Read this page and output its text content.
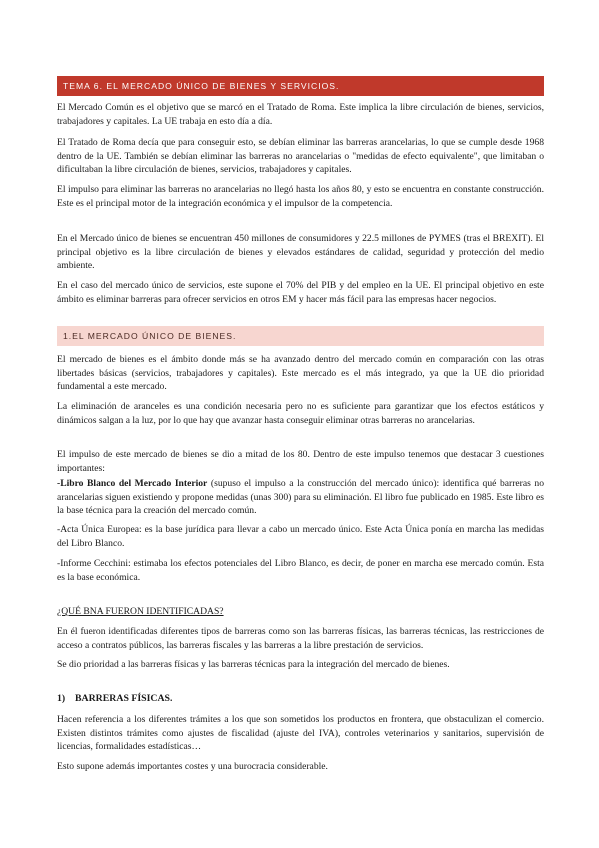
TEMA 6. EL MERCADO ÚNICO DE BIENES Y SERVICIOS.

El Mercado Común es el objetivo que se marcó en el Tratado de Roma. Este implica la libre circulación de bienes, servicios, trabajadores y capitales. La UE trabaja en esto día a día.

El Tratado de Roma decía que para conseguir esto, se debían eliminar las barreras arancelarias, lo que se cumple desde 1968 dentro de la UE. También se debían eliminar las barreras no arancelarias o "medidas de efecto equivalente", que limitaban o dificultaban la libre circulación de bienes, servicios, trabajadores y capitales.

El impulso para eliminar las barreras no arancelarias no llegó hasta los años 80, y esto se encuentra en constante construcción. Este es el principal motor de la integración económica y el impulsor de la competencia.

En el Mercado único de bienes se encuentran 450 millones de consumidores y 22.5 millones de PYMES (tras el BREXIT). El principal objetivo es la libre circulación de bienes y elevados estándares de calidad, seguridad y protección del medio ambiente.

En el caso del mercado único de servicios, este supone el 70% del PIB y del empleo en la UE. El principal objetivo en este ámbito es eliminar barreras para ofrecer servicios en otros EM y hacer más fácil para las empresas hacer negocios.

1.EL MERCADO ÚNICO DE BIENES.

El mercado de bienes es el ámbito donde más se ha avanzado dentro del mercado común en comparación con las otras libertades básicas (servicios, trabajadores y capitales). Este mercado es el más integrado, ya que la UE dio prioridad fundamental a este mercado.

La eliminación de aranceles es una condición necesaria pero no es suficiente para garantizar que los efectos estáticos y dinámicos salgan a la luz, por lo que hay que avanzar hasta conseguir eliminar otras barreras no arancelarias.

El impulso de este mercado de bienes se dio a mitad de los 80. Dentro de este impulso tenemos que destacar 3 cuestiones importantes:

-Libro Blanco del Mercado Interior (supuso el impulso a la construcción del mercado único): identifica qué barreras no arancelarias siguen existiendo y propone medidas (unas 300) para su eliminación. El libro fue publicado en 1985. Este libro es la base técnica para la creación del mercado común.

-Acta Única Europea: es la base jurídica para llevar a cabo un mercado único. Este Acta Única ponía en marcha las medidas del Libro Blanco.

-Informe Cecchini: estimaba los efectos potenciales del Libro Blanco, es decir, de poner en marcha ese mercado común. Esta es la base económica.

¿QUÉ BNA FUERON IDENTIFICADAS?

En él fueron identificadas diferentes tipos de barreras como son las barreras físicas, las barreras técnicas, las restricciones de acceso a contratos públicos, las barreras fiscales y las barreras a la libre prestación de servicios.

Se dio prioridad a las barreras físicas y las barreras técnicas para la integración del mercado de bienes.

1) BARRERAS FÍSICAS.

Hacen referencia a los diferentes trámites a los que son sometidos los productos en frontera, que obstaculizan el comercio. Existen distintos trámites como ajustes de fiscalidad (ajuste del IVA), controles veterinarios y sanitarios, supervisión de licencias, formalidades estadísticas…

Esto supone además importantes costes y una burocracia considerable.
